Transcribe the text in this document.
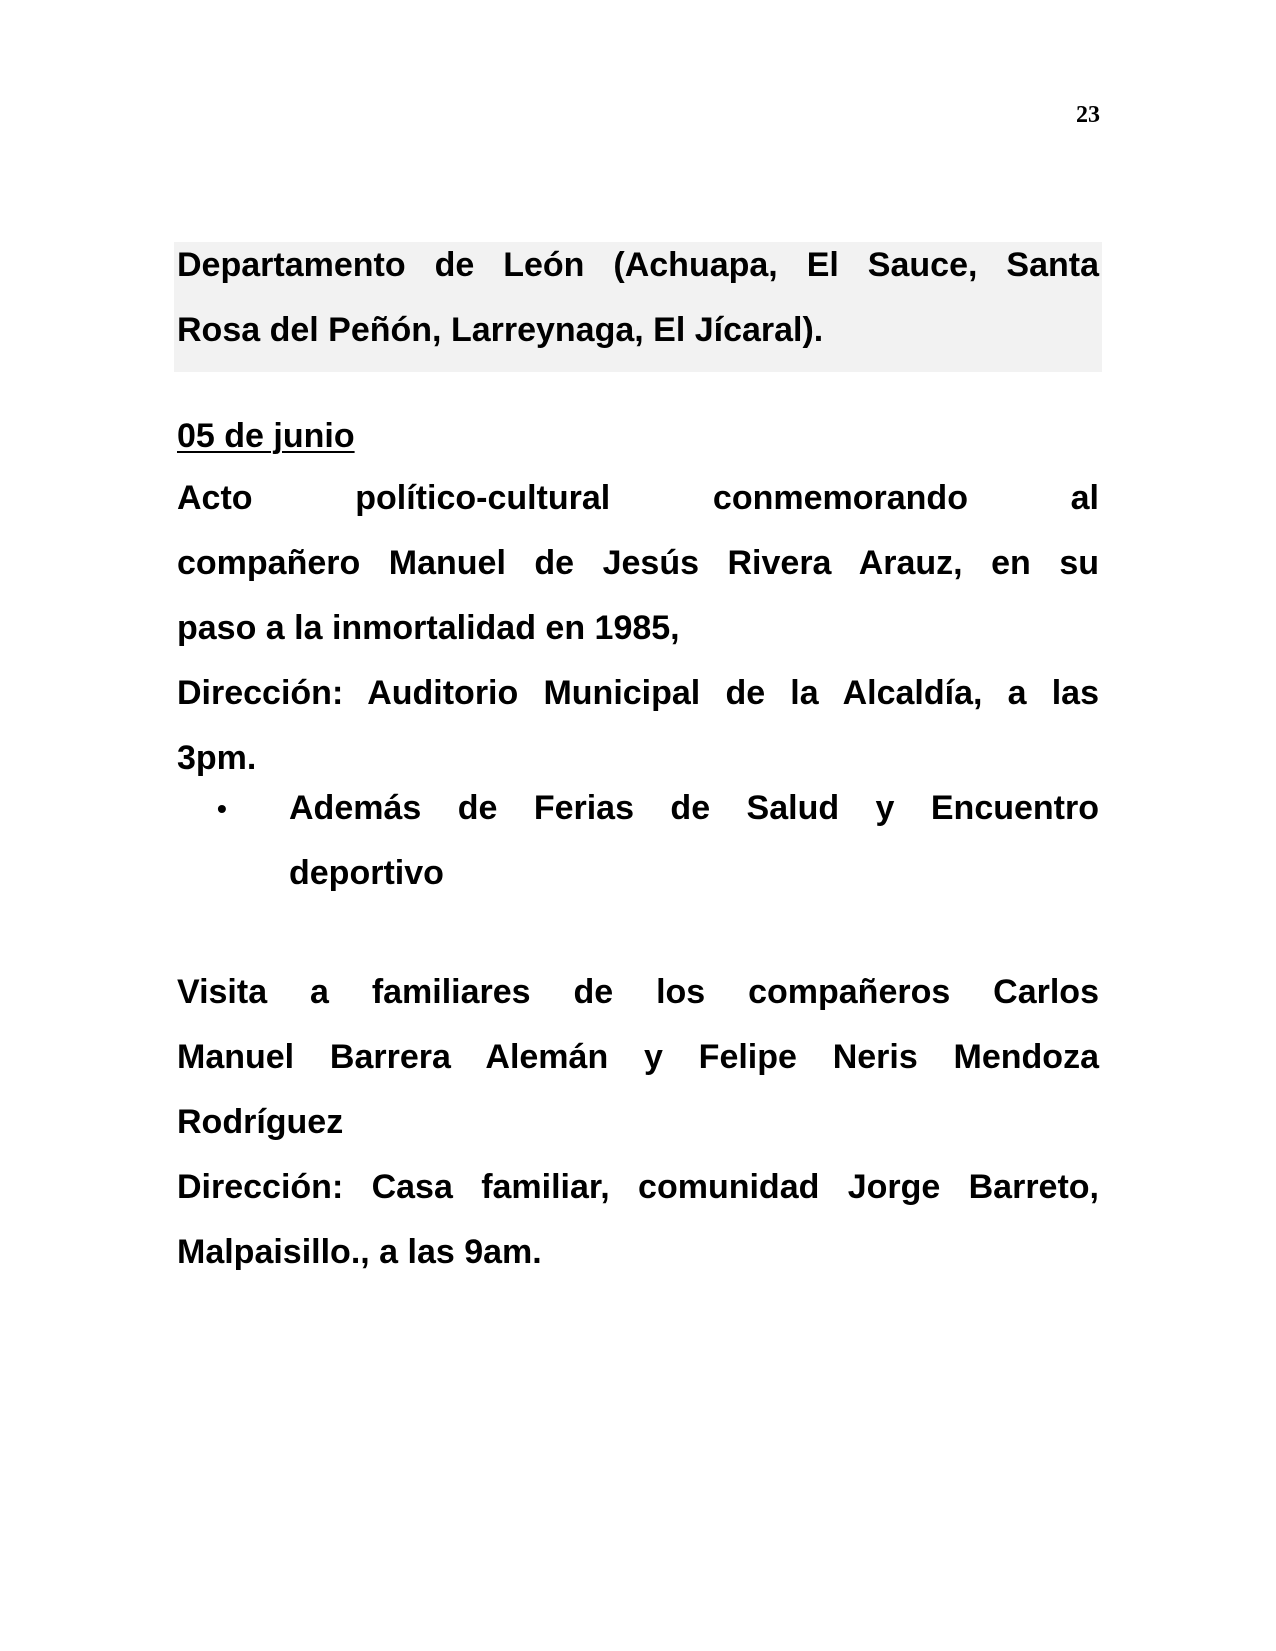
23
Departamento de León (Achuapa, El Sauce, Santa
Rosa del Peñón, Larreynaga, El Jícaral).
05 de junio
Acto político-cultural conmemorando al
compañero Manuel de Jesús Rivera Arauz, en su
paso a la inmortalidad en 1985,
Dirección: Auditorio Municipal de la Alcaldía, a las
3pm.
•	Además de Ferias de Salud y Encuentro
deportivo
Visita a familiares de los compañeros Carlos
Manuel Barrera Alemán y Felipe Neris Mendoza
Rodríguez
Dirección: Casa familiar, comunidad Jorge Barreto,
Malpaisillo., a las 9am.
